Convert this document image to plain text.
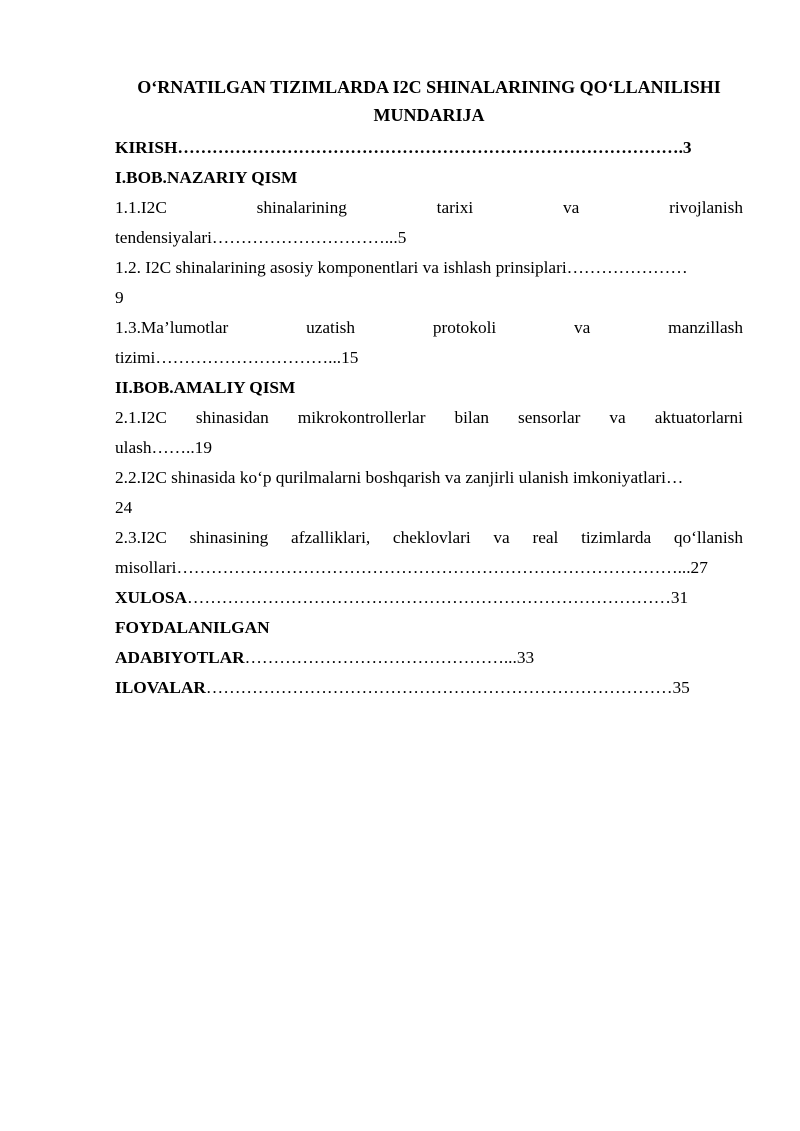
O‘RNATILGAN TIZIMLARDA I2C SHINALARINING QO‘LLANILISHI

MUNDARIJA

KIRISH…………………………………………………………………………….3

I.BOB.NAZARIY QISM

1.1.I2C shinalarining tarixi va rivojlanish

tendensiyalari…………………………...5

1.2. I2C shinalarining asosiy komponentlari va ishlash prinsiplari…………………

9

1.3.Ma’lumotlar uzatish protokoli va manzillash

tizimi…………………………...15

II.BOB.AMALIY QISM

2.1.I2C shinasidan mikrokontrollerlar bilan sensorlar va aktuatorlarni

ulash……..19

2.2.I2C shinasida ko‘p qurilmalarni boshqarish va zanjirli ulanish imkoniyatlari…

24

2.3.I2C shinasining afzalliklari, cheklovlari va real tizimlarda qo‘llanish

misollari……………………………………………………………………………...27

XULOSA…………………………………………………………………………31

FOYDALANILGAN

ADABIYOTLAR………………………………………...33

ILOVALAR………………………………………………………………………35
